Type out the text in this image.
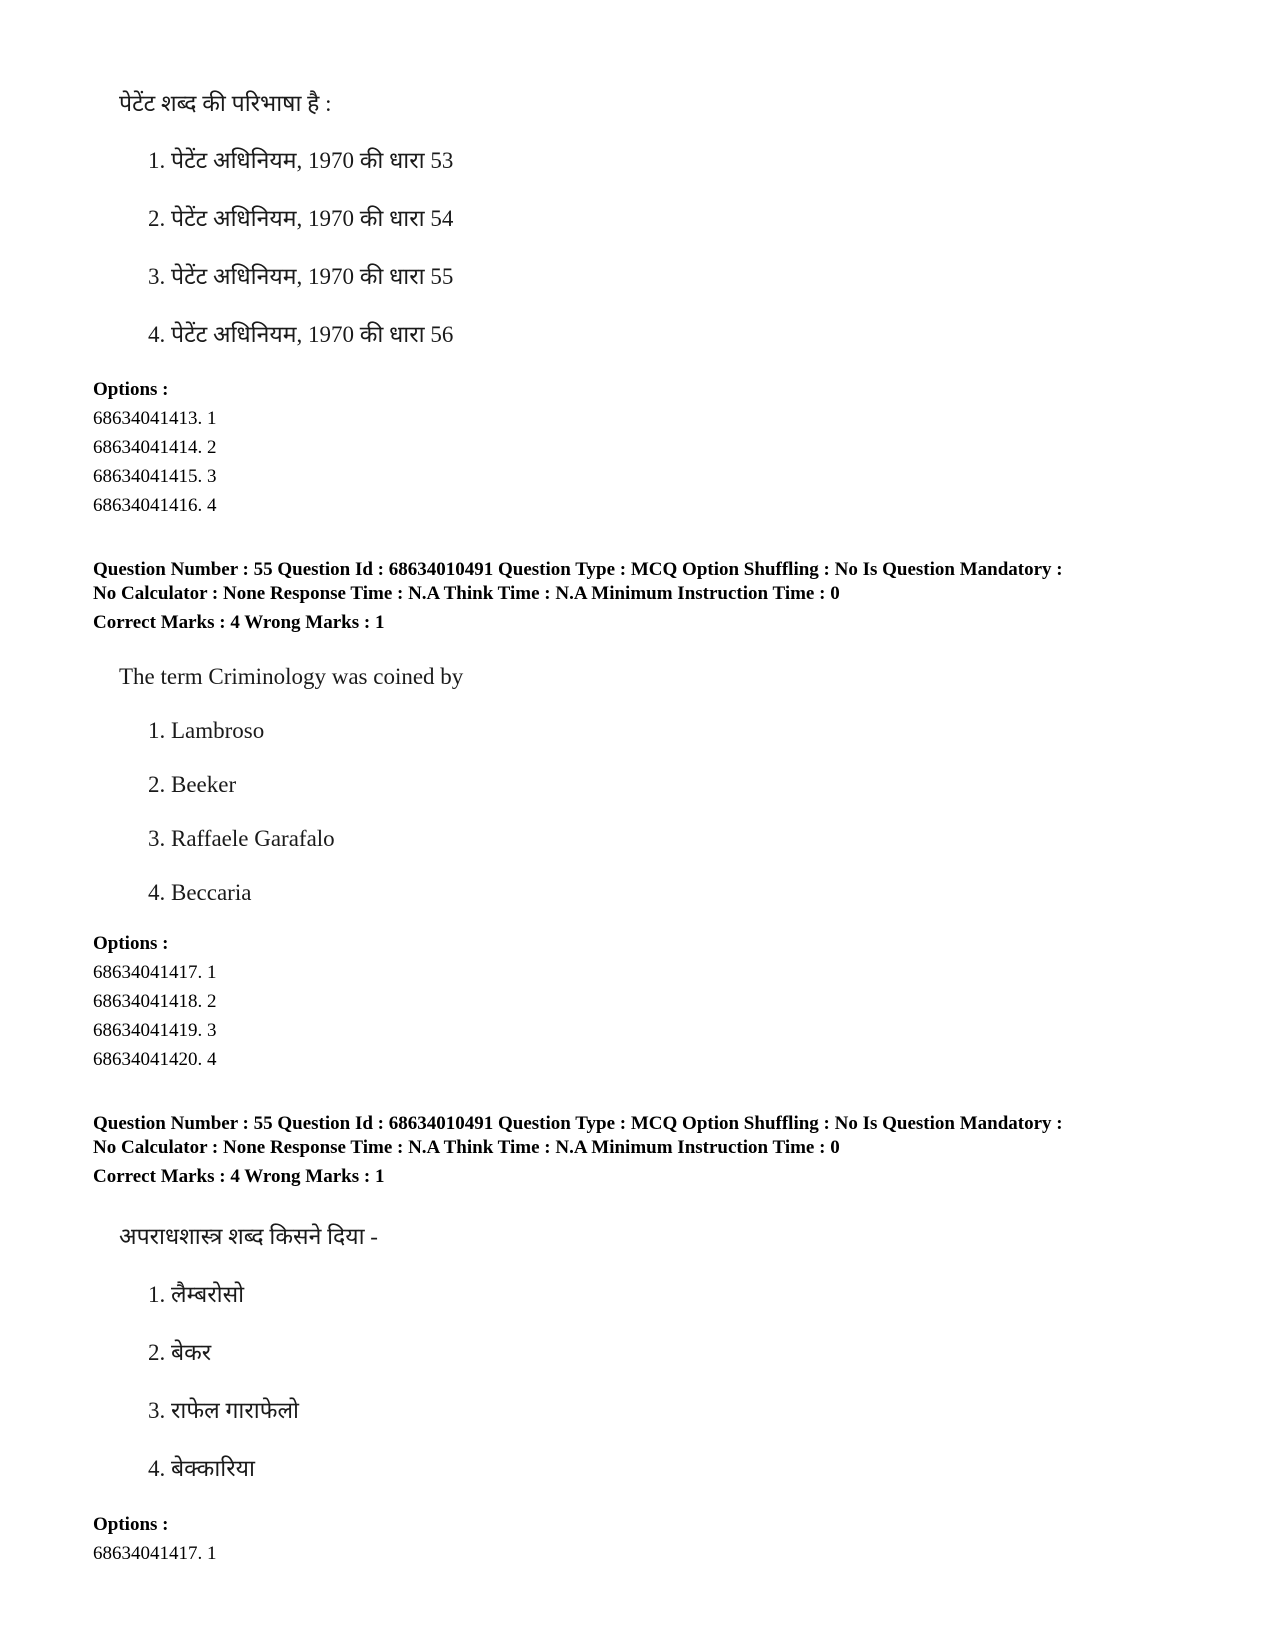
पेटेंट शब्द की परिभाषा है :
1. पेटेंट अधिनियम, 1970 की धारा 53
2. पेटेंट अधिनियम, 1970 की धारा 54
3. पेटेंट अधिनियम, 1970 की धारा 55
4. पेटेंट अधिनियम, 1970 की धारा 56
Options :
68634041413. 1
68634041414. 2
68634041415. 3
68634041416. 4
Question Number : 55 Question Id : 68634010491 Question Type : MCQ Option Shuffling : No Is Question Mandatory :
No Calculator : None Response Time : N.A Think Time : N.A Minimum Instruction Time : 0
Correct Marks : 4 Wrong Marks : 1
The term Criminology was coined by
1. Lambroso
2. Beeker
3. Raffaele Garafalo
4. Beccaria
Options :
68634041417. 1
68634041418. 2
68634041419. 3
68634041420. 4
Question Number : 55 Question Id : 68634010491 Question Type : MCQ Option Shuffling : No Is Question Mandatory :
No Calculator : None Response Time : N.A Think Time : N.A Minimum Instruction Time : 0
Correct Marks : 4 Wrong Marks : 1
अपराधशास्त्र शब्द किसने दिया -
1. लैम्बरोसो
2. बेकर
3. राफेल गाराफेलो
4. बेक्कारिया
Options :
68634041417. 1
